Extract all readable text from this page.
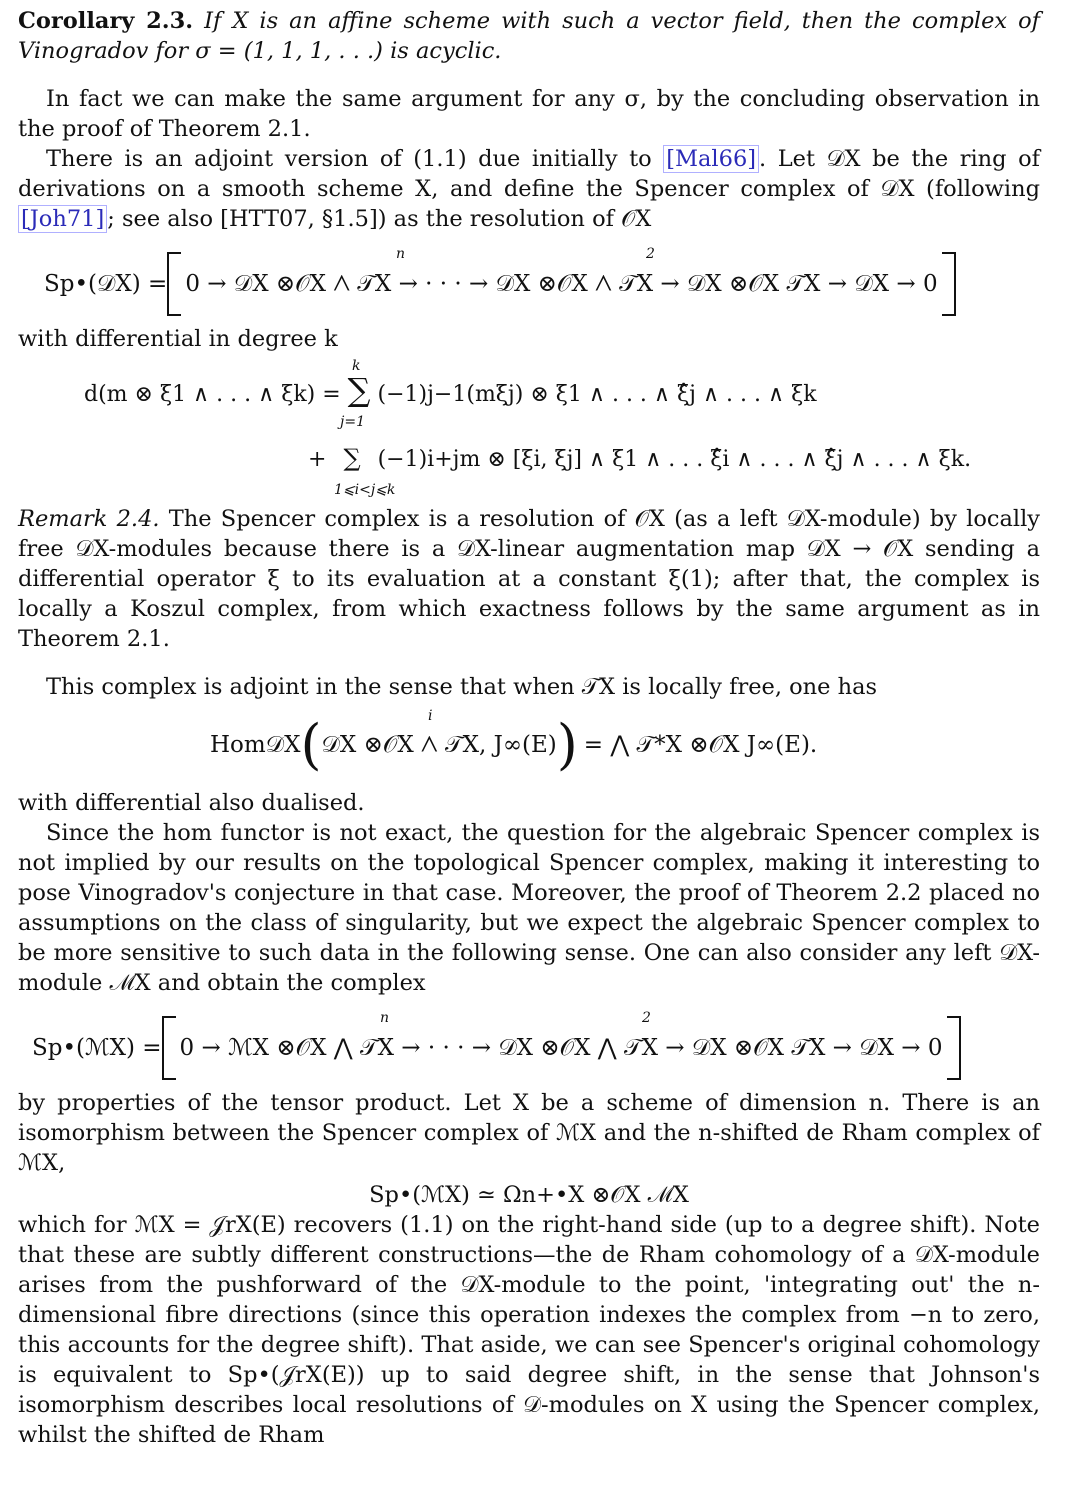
Corollary 2.3. If X is an affine scheme with such a vector field, then the complex of Vinogradov for σ = (1, 1, 1, . . .) is acyclic.

In fact we can make the same argument for any σ, by the concluding observation in the proof of Theorem 2.1.

There is an adjoint version of (1.1) due initially to [Mal66] . Let 𝒟X be the ring of derivations on a smooth scheme X, and define the Spencer complex of 𝒟X (following [Joh71] ; see also [HTT07, §1.5]) as the resolution of 𝒪X

Sp•(𝒟X) = 0 → 𝒟X ⊗𝒪X ⋀ 𝒯X → · · · → 𝒟X ⊗𝒪X ⋀ 𝒯X → 𝒟X ⊗𝒪X 𝒯X → 𝒟X → 0
n	2

with differential in degree k

d(m ⊗ ξ1 ∧ . . . ∧ ξk) = ∑ (−1)j−1(mξj) ⊗ ξ1 ∧ . . . ∧ ξ̂j ∧ . . . ∧ ξk
k
j=1
+ ∑ (−1)i+jm ⊗ [ξi, ξj] ∧ ξ1 ∧ . . . ξ̂i ∧ . . . ∧ ξ̂j ∧ . . . ∧ ξk.
1⩽i<j⩽k

Remark 2.4. The Spencer complex is a resolution of 𝒪X (as a left 𝒟X-module) by locally free 𝒟X-modules because there is a 𝒟X-linear augmentation map 𝒟X → 𝒪X sending a differential operator ξ to its evaluation at a constant ξ(1); after that, the complex is locally a Koszul complex, from which exactness follows by the same argument as in Theorem 2.1.

This complex is adjoint in the sense that when 𝒯X is locally free, one has

Hom𝒟X ( 𝒟X ⊗𝒪X ⋀ 𝒯X, J∞(E) ) = ⋀ 𝒯*X ⊗𝒪X J∞(E).
i

with differential also dualised.

Since the hom functor is not exact, the question for the algebraic Spencer complex is not implied by our results on the topological Spencer complex, making it interesting to pose Vinogradov's conjecture in that case. Moreover, the proof of Theorem 2.2 placed no assumptions on the class of singularity, but we expect the algebraic Spencer complex to be more sensitive to such data in the following sense. One can also consider any left 𝒟X-module ℳX and obtain the complex

Sp•(ℳX) = 0 → ℳX ⊗𝒪X ⋀ 𝒯X → · · · → 𝒟X ⊗𝒪X ⋀ 𝒯X → 𝒟X ⊗𝒪X 𝒯X → 𝒟X → 0
n	2

by properties of the tensor product. Let X be a scheme of dimension n. There is an isomorphism between the Spencer complex of ℳX and the n-shifted de Rham complex of ℳX,

Sp•(ℳX) ≃ Ωn+•X ⊗𝒪X ℳX

which for ℳX = 𝒥rX(E) recovers (1.1) on the right-hand side (up to a degree shift). Note that these are subtly different constructions—the de Rham cohomology of a 𝒟X-module arises from the pushforward of the 𝒟X-module to the point, 'integrating out' the n-dimensional fibre directions (since this operation indexes the complex from −n to zero, this accounts for the degree shift). That aside, we can see Spencer's original cohomology is equivalent to Sp•(𝒥rX(E)) up to said degree shift, in the sense that Johnson's isomorphism describes local resolutions of 𝒟-modules on X using the Spencer complex, whilst the shifted de Rham
